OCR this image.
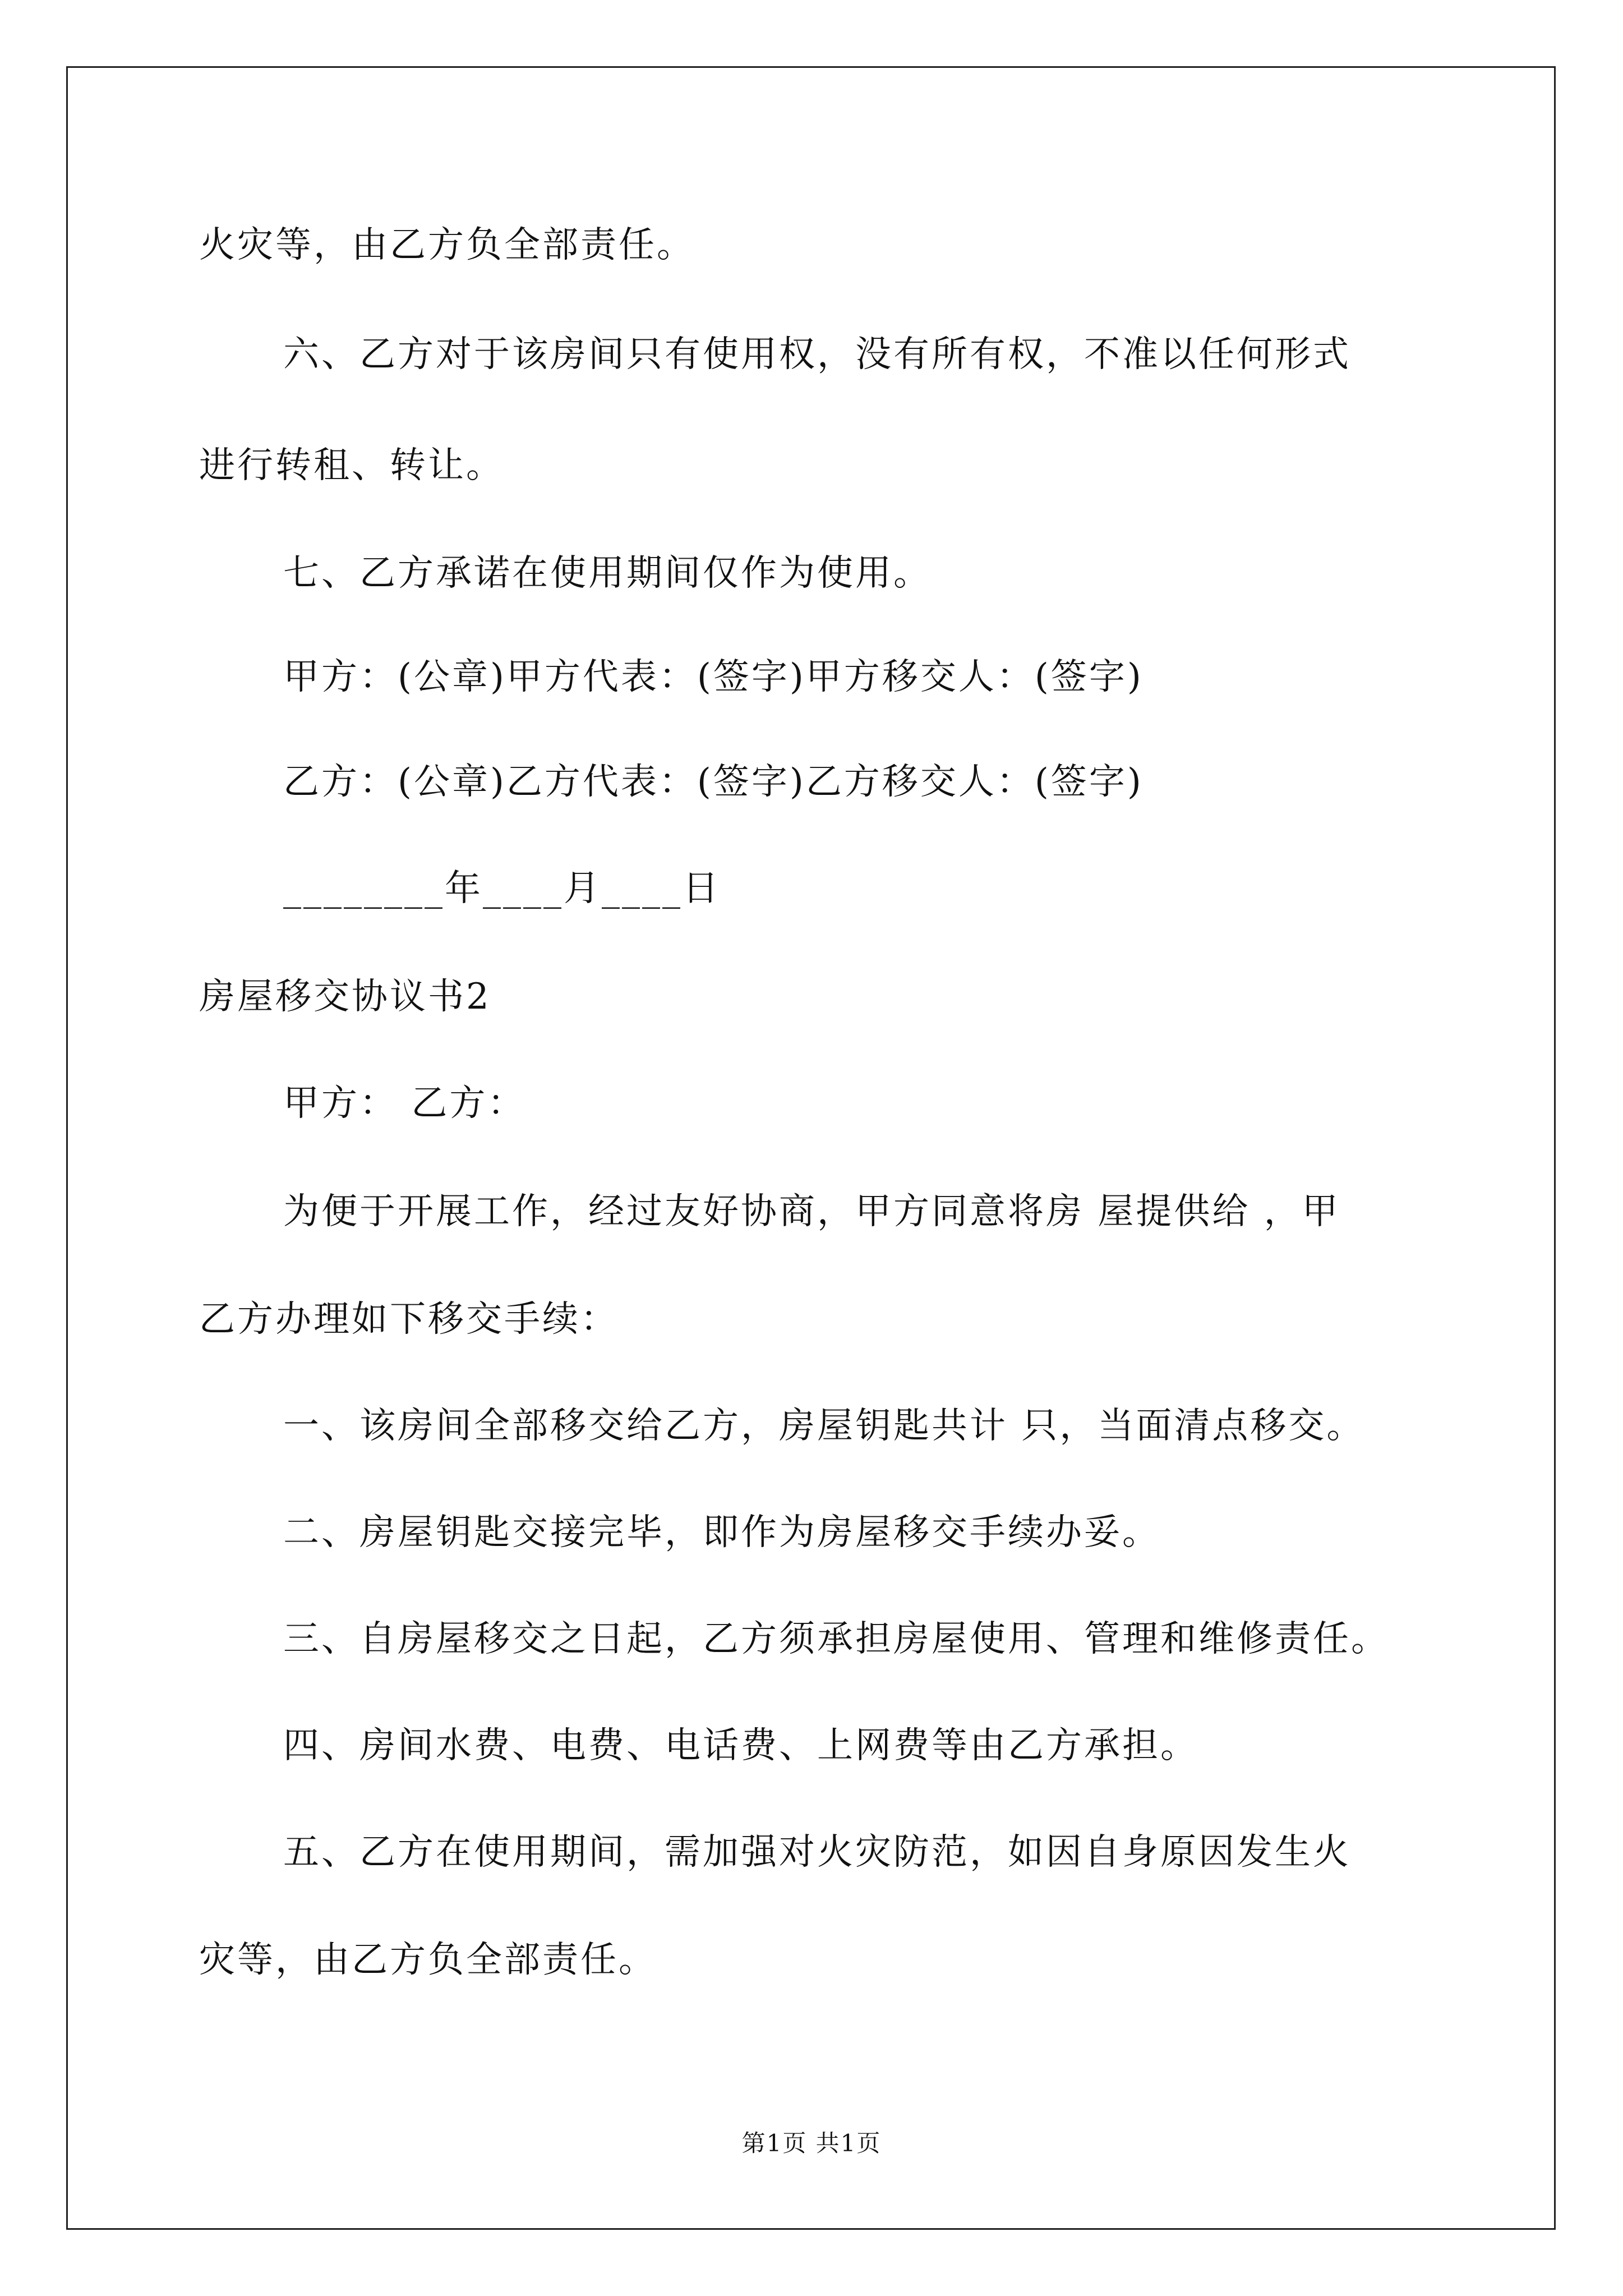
火灾等，由乙方负全部责任。
六、乙方对于该房间只有使用权，没有所有权，不准以任何形式
进行转租、转让。
七、乙方承诺在使用期间仅作为使用。
甲方：(公章)甲方代表：(签字)甲方移交人：(签字)
乙方：(公章)乙方代表：(签字)乙方移交人：(签字)
________年____月____日
房屋移交协议书2
甲方： 乙方：
为便于开展工作，经过友好协商，甲方同意将房 屋提供给 ，甲
乙方办理如下移交手续：
一、该房间全部移交给乙方，房屋钥匙共计 只，当面清点移交。
二、房屋钥匙交接完毕，即作为房屋移交手续办妥。
三、自房屋移交之日起，乙方须承担房屋使用、管理和维修责任。
四、房间水费、电费、电话费、上网费等由乙方承担。
五、乙方在使用期间，需加强对火灾防范，如因自身原因发生火
灾等，由乙方负全部责任。
第1页 共1页
